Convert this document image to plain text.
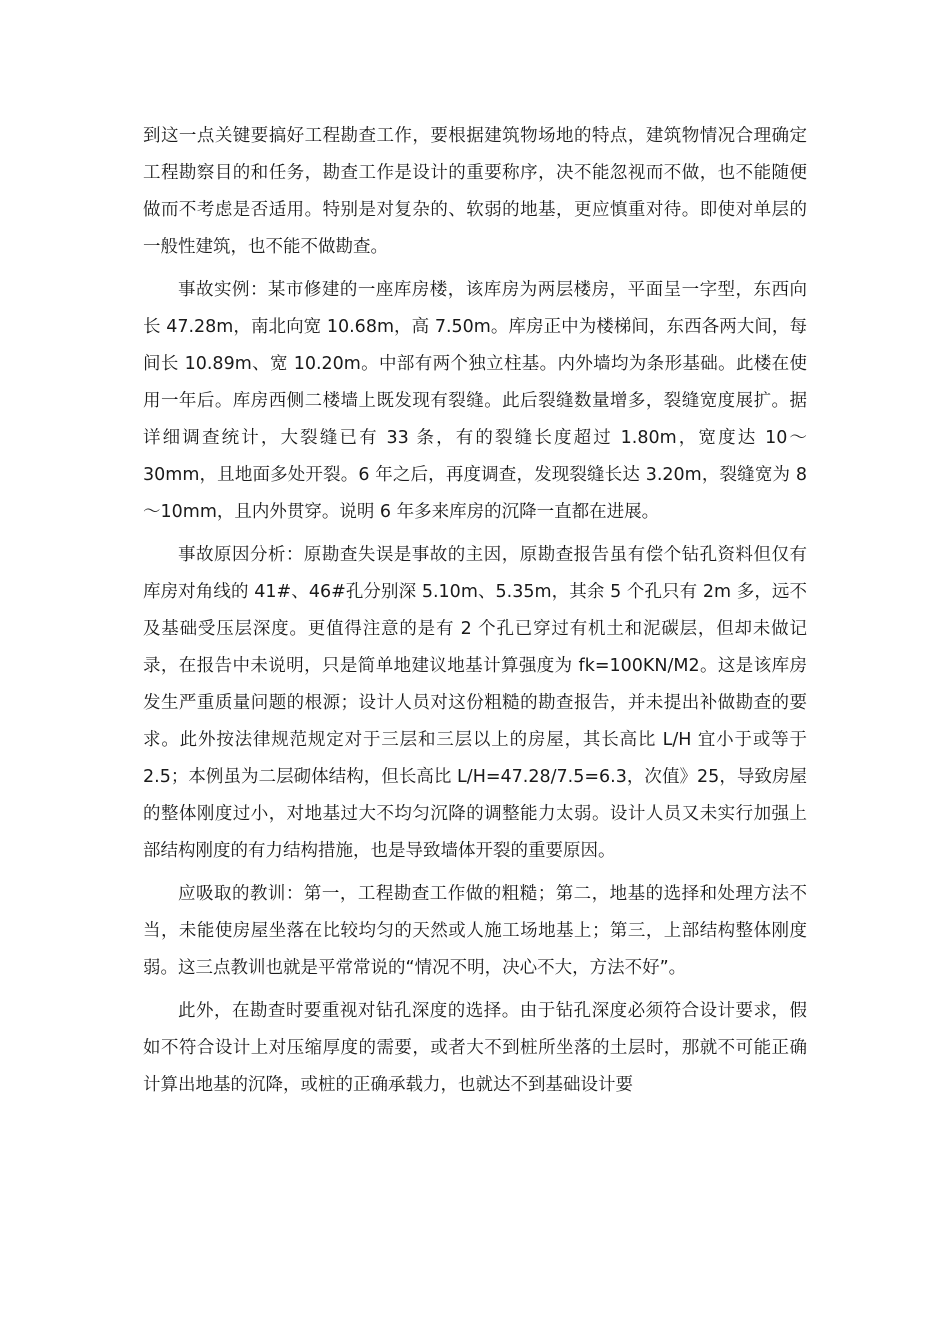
到这一点关键要搞好工程勘查工作，要根据建筑物场地的特点，建筑物情况合理确定工程勘察目的和任务，勘查工作是设计的重要称序，决不能忽视而不做，也不能随便做而不考虑是否适用。特别是对复杂的、软弱的地基，更应慎重对待。即使对单层的一般性建筑，也不能不做勘查。

事故实例：某市修建的一座库房楼，该库房为两层楼房，平面呈一字型，东西向长 47.28m，南北向宽 10.68m，高 7.50m。库房正中为楼梯间，东西各两大间，每间长 10.89m、宽 10.20m。中部有两个独立柱基。内外墙均为条形基础。此楼在使用一年后。库房西侧二楼墙上既发现有裂缝。此后裂缝数量增多，裂缝宽度展扩。据详细调查统计，大裂缝已有 33 条，有的裂缝长度超过 1.80m，宽度达 10～30mm，且地面多处开裂。6 年之后，再度调查，发现裂缝长达 3.20m，裂缝宽为 8～10mm，且内外贯穿。说明 6 年多来库房的沉降一直都在进展。

事故原因分析：原勘查失误是事故的主因，原勘查报告虽有偿个钻孔资料但仅有库房对角线的 41#、46#孔分别深 5.10m、5.35m，其余 5 个孔只有 2m 多，远不及基础受压层深度。更值得注意的是有 2 个孔已穿过有机土和泥碳层，但却未做记录，在报告中未说明，只是简单地建议地基计算强度为 fk=100KN/M2。这是该库房发生严重质量问题的根源；设计人员对这份粗糙的勘查报告，并未提出补做勘查的要求。此外按法律规范规定对于三层和三层以上的房屋，其长高比 L/H 宜小于或等于 2.5；本例虽为二层砌体结构，但长高比 L/H=47.28/7.5=6.3，次值》25，导致房屋的整体刚度过小，对地基过大不均匀沉降的调整能力太弱。设计人员又未实行加强上部结构刚度的有力结构措施，也是导致墙体开裂的重要原因。

应吸取的教训：第一，工程勘查工作做的粗糙；第二，地基的选择和处理方法不当，未能使房屋坐落在比较均匀的天然或人施工场地基上；第三，上部结构整体刚度弱。这三点教训也就是平常常说的“情况不明，决心不大，方法不好”。

此外，在勘查时要重视对钻孔深度的选择。由于钻孔深度必须符合设计要求，假如不符合设计上对压缩厚度的需要，或者大不到桩所坐落的土层时，那就不可能正确计算出地基的沉降，或桩的正确承载力，也就达不到基础设计要
